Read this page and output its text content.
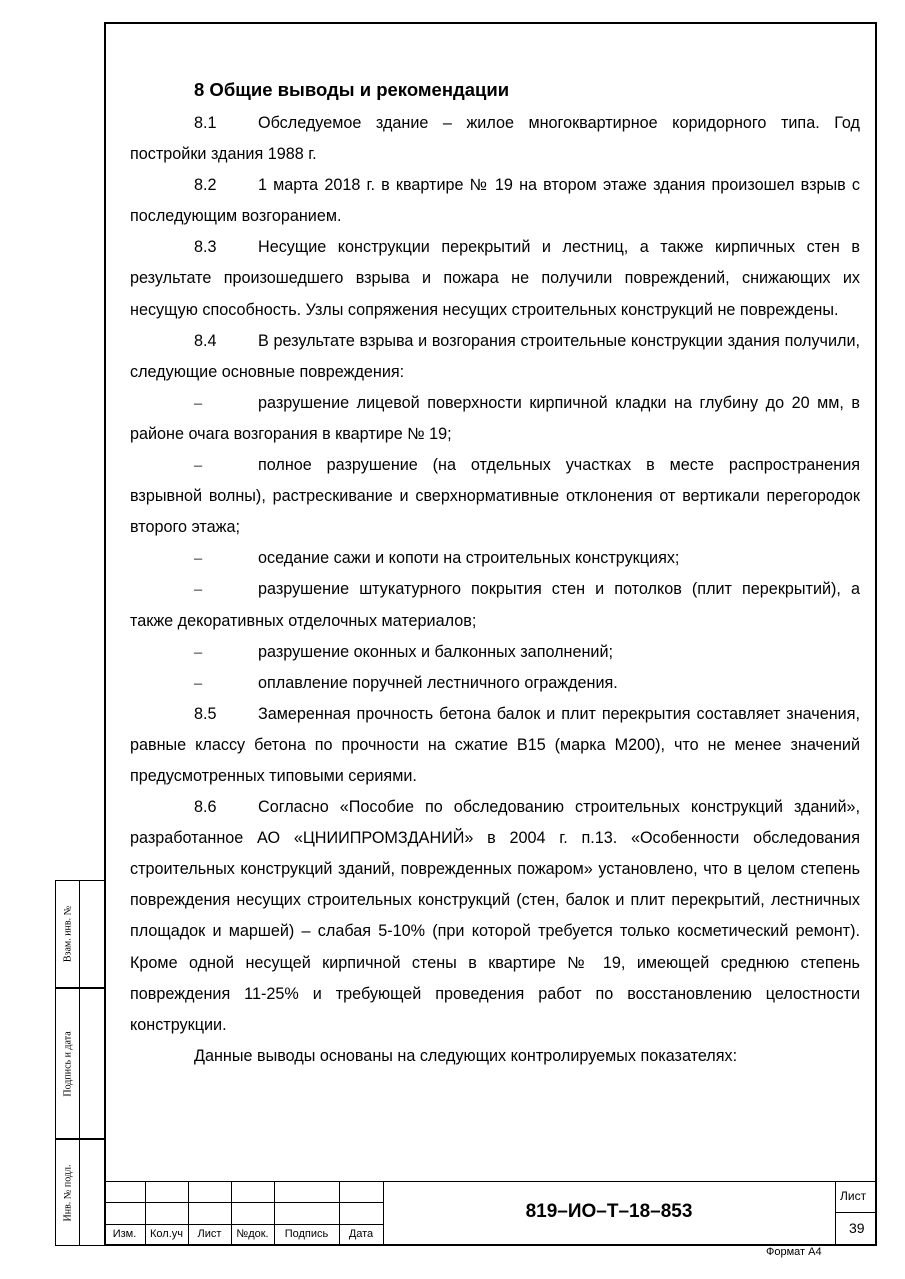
8 Общие выводы и рекомендации

8.1	Обследуемое здание – жилое многоквартирное коридорного типа. Год постройки здания 1988 г.

8.2	1 марта 2018 г. в квартире № 19 на втором этаже здания произошел взрыв с последующим возгоранием.

8.3	Несущие конструкции перекрытий и лестниц, а также кирпичных стен в результате произошедшего взрыва и пожара не получили повреждений, снижающих их несущую способность. Узлы сопряжения несущих строительных конструкций не повреждены.

8.4	В результате взрыва и возгорания строительные конструкции здания получили, следующие основные повреждения:

–	разрушение лицевой поверхности кирпичной кладки на глубину до 20 мм, в районе очага возгорания в квартире № 19;

–	полное разрушение (на отдельных участках в месте распространения взрывной волны), растрескивание и сверхнормативные отклонения от вертикали перегородок второго этажа;

–	оседание сажи и копоти на строительных конструкциях;

–	разрушение штукатурного покрытия стен и потолков (плит перекрытий), а также декоративных отделочных материалов;

–	разрушение оконных и балконных заполнений;

–	оплавление поручней лестничного ограждения.

8.5	Замеренная прочность бетона балок и плит перекрытия составляет значения, равные классу бетона по прочности на сжатие В15 (марка М200), что не менее значений предусмотренных типовыми сериями.

8.6	Согласно «Пособие по обследованию строительных конструкций зданий», разработанное АО «ЦНИИПРОМЗДАНИЙ» в 2004 г. п.13. «Особенности обследования строительных конструкций зданий, поврежденных пожаром» установлено, что в целом степень повреждения несущих строительных конструкций (стен, балок и плит перекрытий, лестничных площадок и маршей) – слабая 5-10% (при которой требуется только косметический ремонт). Кроме одной несущей кирпичной стены в квартире № 19, имеющей среднюю степень повреждения 11-25% и требующей проведения работ по восстановлению целостности конструкции.

Данные выводы основаны на следующих контролируемых показателях:

Взам. инв. №
Подпись и дата
Инв. № подл.
Изм.	Кол.уч	Лист	№док.	Подпись	Дата
819–ИО–Т–18–853
Лист
39
Формат А4
